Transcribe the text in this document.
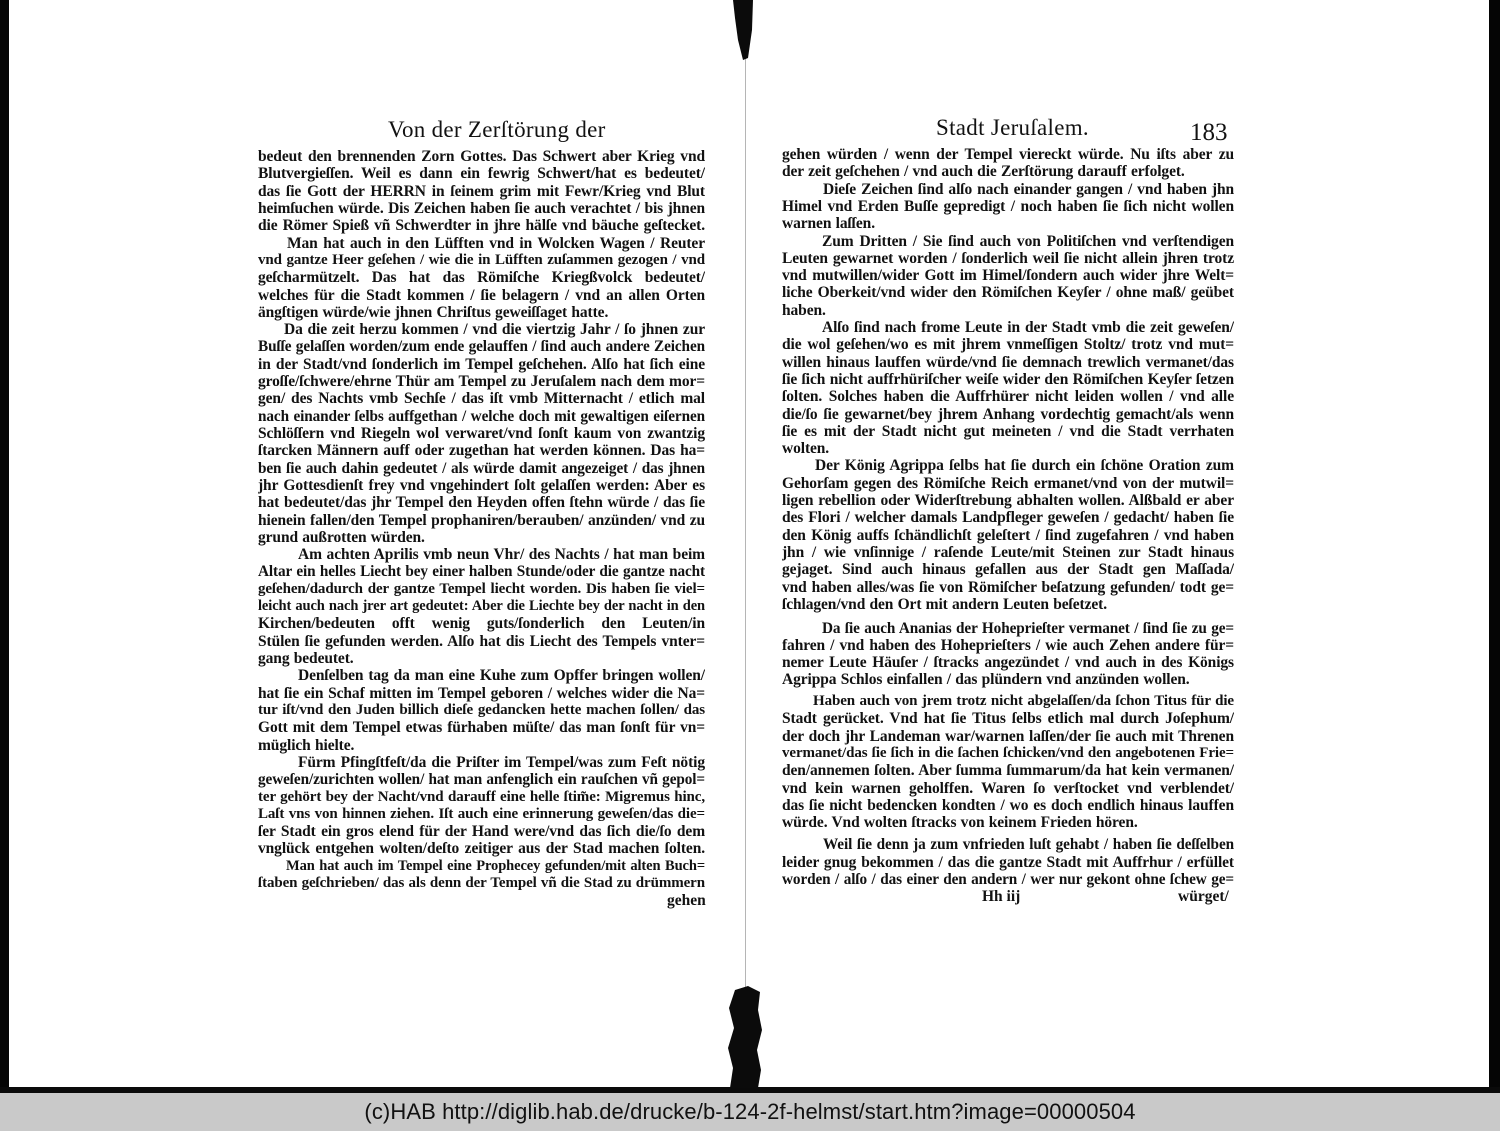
Von der Zerſtörung der
bedeut den brennenden Zorn Gottes. Das Schwert aber Krieg vnd
Blutvergieſſen. Weil es dann ein fewrig Schwert/hat es bedeutet/
das ſie Gott der HERRN in ſeinem grim mit Fewr/Krieg vnd Blut
heimſuchen würde. Dis Zeichen haben ſie auch verachtet / bis jhnen
die Römer Spieß vñ Schwerdter in jhre hälſe vnd bäuche geſtecket.
Man hat auch in den Lüfften vnd in Wolcken Wagen / Reuter
vnd gantze Heer geſehen / wie die in Lüfften zuſammen gezogen / vnd
geſcharmützelt. Das hat das Römiſche Kriegßvolck bedeutet/
welches für die Stadt kommen / ſie belagern / vnd an allen Orten
ängſtigen würde/wie jhnen Chriſtus geweiſſaget hatte.
Da die zeit herzu kommen / vnd die viertzig Jahr / ſo jhnen zur
Buſſe gelaſſen worden/zum ende gelauffen / ſind auch andere Zeichen
in der Stadt/vnd ſonderlich im Tempel geſchehen. Alſo hat ſich eine
groſſe/ſchwere/ehrne Thür am Tempel zu Jeruſalem nach dem mor=
gen/ des Nachts vmb Sechſe / das iſt vmb Mitternacht / etlich mal
nach einander ſelbs auffgethan / welche doch mit gewaltigen eiſernen
Schlöſſern vnd Riegeln wol verwaret/vnd ſonſt kaum von zwantzig
ſtarcken Männern auff oder zugethan hat werden können. Das ha=
ben ſie auch dahin gedeutet / als würde damit angezeiget / das jhnen
jhr Gottesdienſt frey vnd vngehindert ſolt gelaſſen werden: Aber es
hat bedeutet/das jhr Tempel den Heyden offen ſtehn würde / das ſie
hienein fallen/den Tempel prophaniren/berauben/ anzünden/ vnd zu
grund außrotten würden.
Am achten Aprilis vmb neun Vhr/ des Nachts / hat man beim
Altar ein helles Liecht bey einer halben Stunde/oder die gantze nacht
geſehen/dadurch der gantze Tempel liecht worden. Dis haben ſie viel=
leicht auch nach jrer art gedeutet: Aber die Liechte bey der nacht in den
Kirchen/bedeuten offt wenig guts/ſonderlich den Leuten/in
Stülen ſie gefunden werden. Alſo hat dis Liecht des Tempels vnter=
gang bedeutet.
Denſelben tag da man eine Kuhe zum Opffer bringen wollen/
hat ſie ein Schaf mitten im Tempel geboren / welches wider die Na=
tur iſt/vnd den Juden billich dieſe gedancken hette machen ſollen/ das
Gott mit dem Tempel etwas fürhaben müſte/ das man ſonſt für vn=
müglich hielte.
Fürm Pfingſtfeſt/da die Priſter im Tempel/was zum Feſt nötig
geweſen/zurichten wollen/ hat man anfenglich ein rauſchen vñ gepol=
ter gehört bey der Nacht/vnd darauff eine helle ſtim̃e: Migremus hinc,
Laſt vns von hinnen ziehen. Iſt auch eine erinnerung geweſen/das die=
ſer Stadt ein gros elend für der Hand were/vnd das ſich die/ſo dem
vnglück entgehen wolten/deſto zeitiger aus der Stad machen ſolten.
Man hat auch im Tempel eine Prophecey gefunden/mit alten Buch=
ſtaben geſchrieben/ das als denn der Tempel vñ die Stad zu drümmern
gehen
Stadt Jeruſalem.	183
gehen würden / wenn der Tempel viereckt würde. Nu iſts aber zu
der zeit geſchehen / vnd auch die Zerſtörung darauff erfolget.
Dieſe Zeichen ſind alſo nach einander gangen / vnd haben jhn
Himel vnd Erden Buſſe gepredigt / noch haben ſie ſich nicht wollen
warnen laſſen.
Zum Dritten / Sie ſind auch von Politiſchen vnd verſtendigen
Leuten gewarnet worden / ſonderlich weil ſie nicht allein jhren trotz
vnd mutwillen/wider Gott im Himel/ſondern auch wider jhre Welt=
liche Oberkeit/vnd wider den Römiſchen Keyſer / ohne maß/ geübet
haben.
Alſo ſind nach frome Leute in der Stadt vmb die zeit geweſen/
die wol geſehen/wo es mit jhrem vnmeſſigen Stoltz/ trotz vnd mut=
willen hinaus lauffen würde/vnd ſie demnach trewlich vermanet/das
ſie ſich nicht auffrhüriſcher weiſe wider den Römiſchen Keyſer ſetzen
ſolten. Solches haben die Auffrhürer nicht leiden wollen / vnd alle
die/ſo ſie gewarnet/bey jhrem Anhang vordechtig gemacht/als wenn
ſie es mit der Stadt nicht gut meineten / vnd die Stadt verrhaten
wolten.
Der König Agrippa ſelbs hat ſie durch ein ſchöne Oration zum
Gehorſam gegen des Römiſche Reich ermanet/vnd von der mutwil=
ligen rebellion oder Widerſtrebung abhalten wollen. Alßbald er aber
des Flori / welcher damals Landpfleger geweſen / gedacht/ haben ſie
den König auffs ſchändlichſt geleſtert / ſind zugefahren / vnd haben
jhn / wie vnſinnige / raſende Leute/mit Steinen zur Stadt hinaus
gejaget. Sind auch hinaus gefallen aus der Stadt gen Maſſada/
vnd haben alles/was ſie von Römiſcher beſatzung gefunden/ todt ge=
ſchlagen/vnd den Ort mit andern Leuten beſetzet.
Da ſie auch Ananias der Hoheprieſter vermanet / ſind ſie zu ge=
fahren / vnd haben des Hoheprieſters / wie auch Zehen andere für=
nemer Leute Häuſer / ſtracks angezündet / vnd auch in des Königs
Agrippa Schlos einfallen / das plündern vnd anzünden wollen.
Haben auch von jrem trotz nicht abgelaſſen/da ſchon Titus für die
Stadt gerücket. Vnd hat ſie Titus ſelbs etlich mal durch Joſephum/
der doch jhr Landeman war/warnen laſſen/der ſie auch mit Threnen
vermanet/das ſie ſich in die ſachen ſchicken/vnd den angebotenen Frie=
den/annemen ſolten. Aber ſumma ſummarum/da hat kein vermanen/
vnd kein warnen geholffen. Waren ſo verſtocket vnd verblendet/
das ſie nicht bedencken kondten / wo es doch endlich hinaus lauffen
würde. Vnd wolten ſtracks von keinem Frieden hören.
Weil ſie denn ja zum vnfrieden luſt gehabt / haben ſie deſſelben
leider gnug bekommen / das die gantze Stadt mit Auffrhur / erfüllet
worden / alſo / das einer den andern / wer nur gekont ohne ſchew ge=
Hh iij	würget/
(c)HAB http://diglib.hab.de/drucke/b-124-2f-helmst/start.htm?image=00000504
